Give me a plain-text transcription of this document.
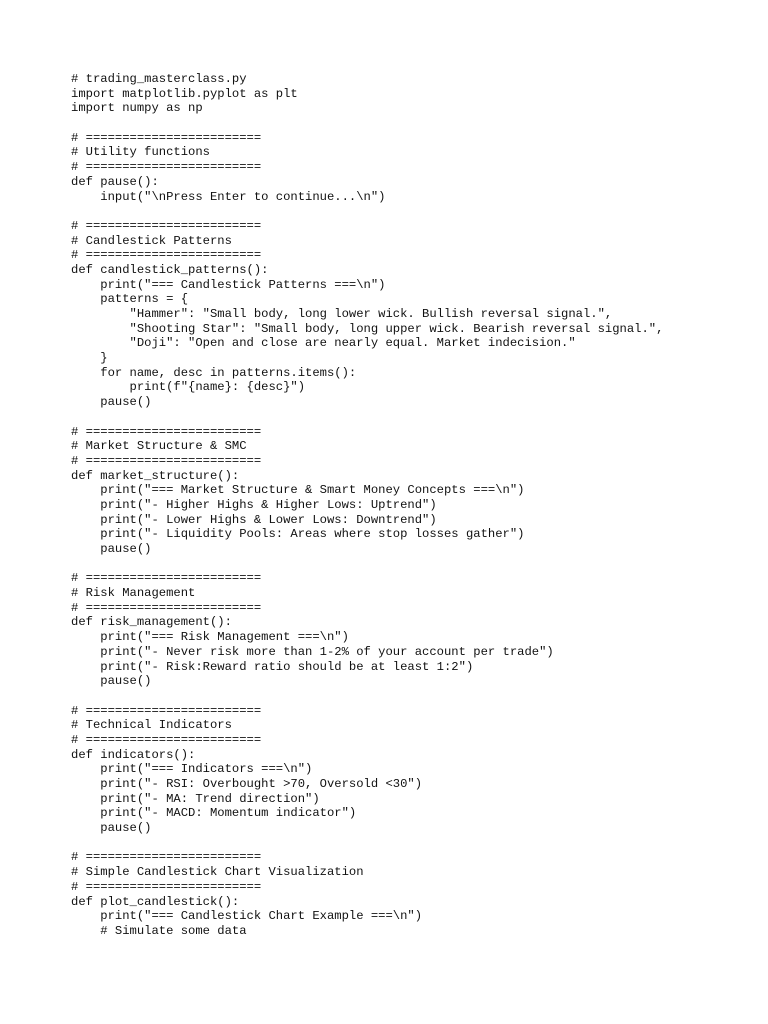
# trading_masterclass.py
import matplotlib.pyplot as plt
import numpy as np
# ========================
# Utility functions
# ========================
def pause():
input("\nPress Enter to continue...\n")
# ========================
# Candlestick Patterns
# ========================
def candlestick_patterns():
print("=== Candlestick Patterns ===\n")
patterns = {
"Hammer": "Small body, long lower wick. Bullish reversal signal.",
"Shooting Star": "Small body, long upper wick. Bearish reversal signal.",
"Doji": "Open and close are nearly equal. Market indecision."
}
for name, desc in patterns.items():
print(f"{name}: {desc}")
pause()
# ========================
# Market Structure & SMC
# ========================
def market_structure():
print("=== Market Structure & Smart Money Concepts ===\n")
print("- Higher Highs & Higher Lows: Uptrend")
print("- Lower Highs & Lower Lows: Downtrend")
print("- Liquidity Pools: Areas where stop losses gather")
pause()
# ========================
# Risk Management
# ========================
def risk_management():
print("=== Risk Management ===\n")
print("- Never risk more than 1-2% of your account per trade")
print("- Risk:Reward ratio should be at least 1:2")
pause()
# ========================
# Technical Indicators
# ========================
def indicators():
print("=== Indicators ===\n")
print("- RSI: Overbought >70, Oversold <30")
print("- MA: Trend direction")
print("- MACD: Momentum indicator")
pause()
# ========================
# Simple Candlestick Chart Visualization
# ========================
def plot_candlestick():
print("=== Candlestick Chart Example ===\n")
# Simulate some data
